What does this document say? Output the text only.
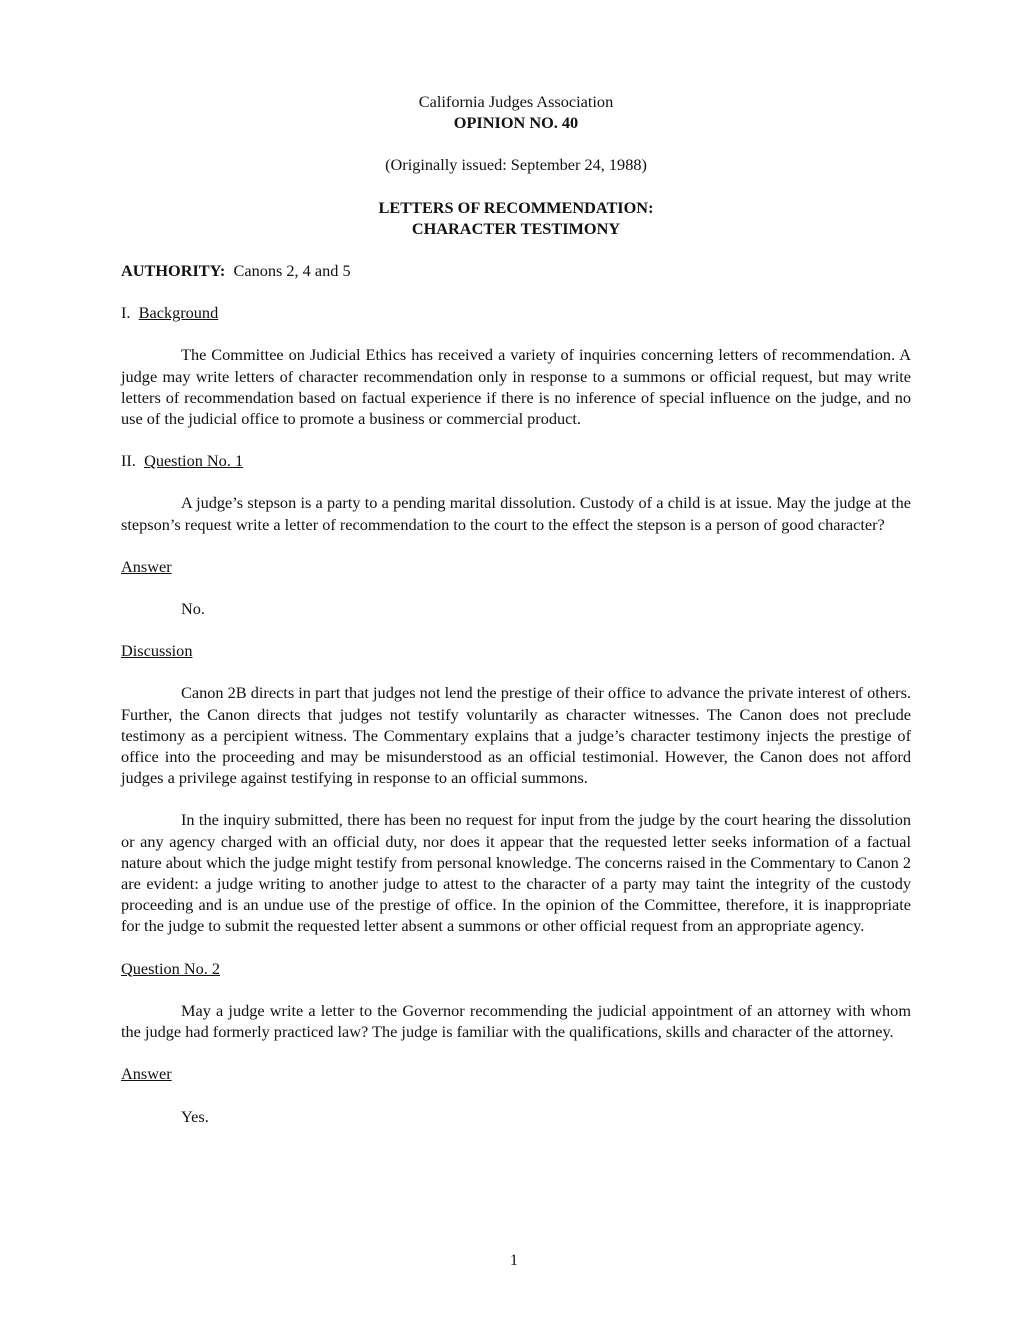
California Judges Association
OPINION NO. 40
(Originally issued: September 24, 1988)
LETTERS OF RECOMMENDATION:
CHARACTER TESTIMONY
AUTHORITY:  Canons 2, 4 and 5
I.  Background

The Committee on Judicial Ethics has received a variety of inquiries concerning letters of recommendation. A judge may write letters of character recommendation only in response to a summons or official request, but may write letters of recommendation based on factual experience if there is no inference of special influence on the judge, and no use of the judicial office to promote a business or commercial product.

II.  Question No. 1

A judge’s stepson is a party to a pending marital dissolution. Custody of a child is at issue. May the judge at the stepson’s request write a letter of recommendation to the court to the effect the stepson is a person of good character?

Answer
No.
Discussion

Canon 2B directs in part that judges not lend the prestige of their office to advance the private interest of others. Further, the Canon directs that judges not testify voluntarily as character witnesses. The Canon does not preclude testimony as a percipient witness. The Commentary explains that a judge’s character testimony injects the prestige of office into the proceeding and may be misunderstood as an official testimonial. However, the Canon does not afford judges a privilege against testifying in response to an official summons.

In the inquiry submitted, there has been no request for input from the judge by the court hearing the dissolution or any agency charged with an official duty, nor does it appear that the requested letter seeks information of a factual nature about which the judge might testify from personal knowledge. The concerns raised in the Commentary to Canon 2 are evident: a judge writing to another judge to attest to the character of a party may taint the integrity of the custody proceeding and is an undue use of the prestige of office. In the opinion of the Committee, therefore, it is inappropriate for the judge to submit the requested letter absent a summons or other official request from an appropriate agency.

Question No. 2

May a judge write a letter to the Governor recommending the judicial appointment of an attorney with whom the judge had formerly practiced law? The judge is familiar with the qualifications, skills and character of the attorney.

Answer
Yes.
1
